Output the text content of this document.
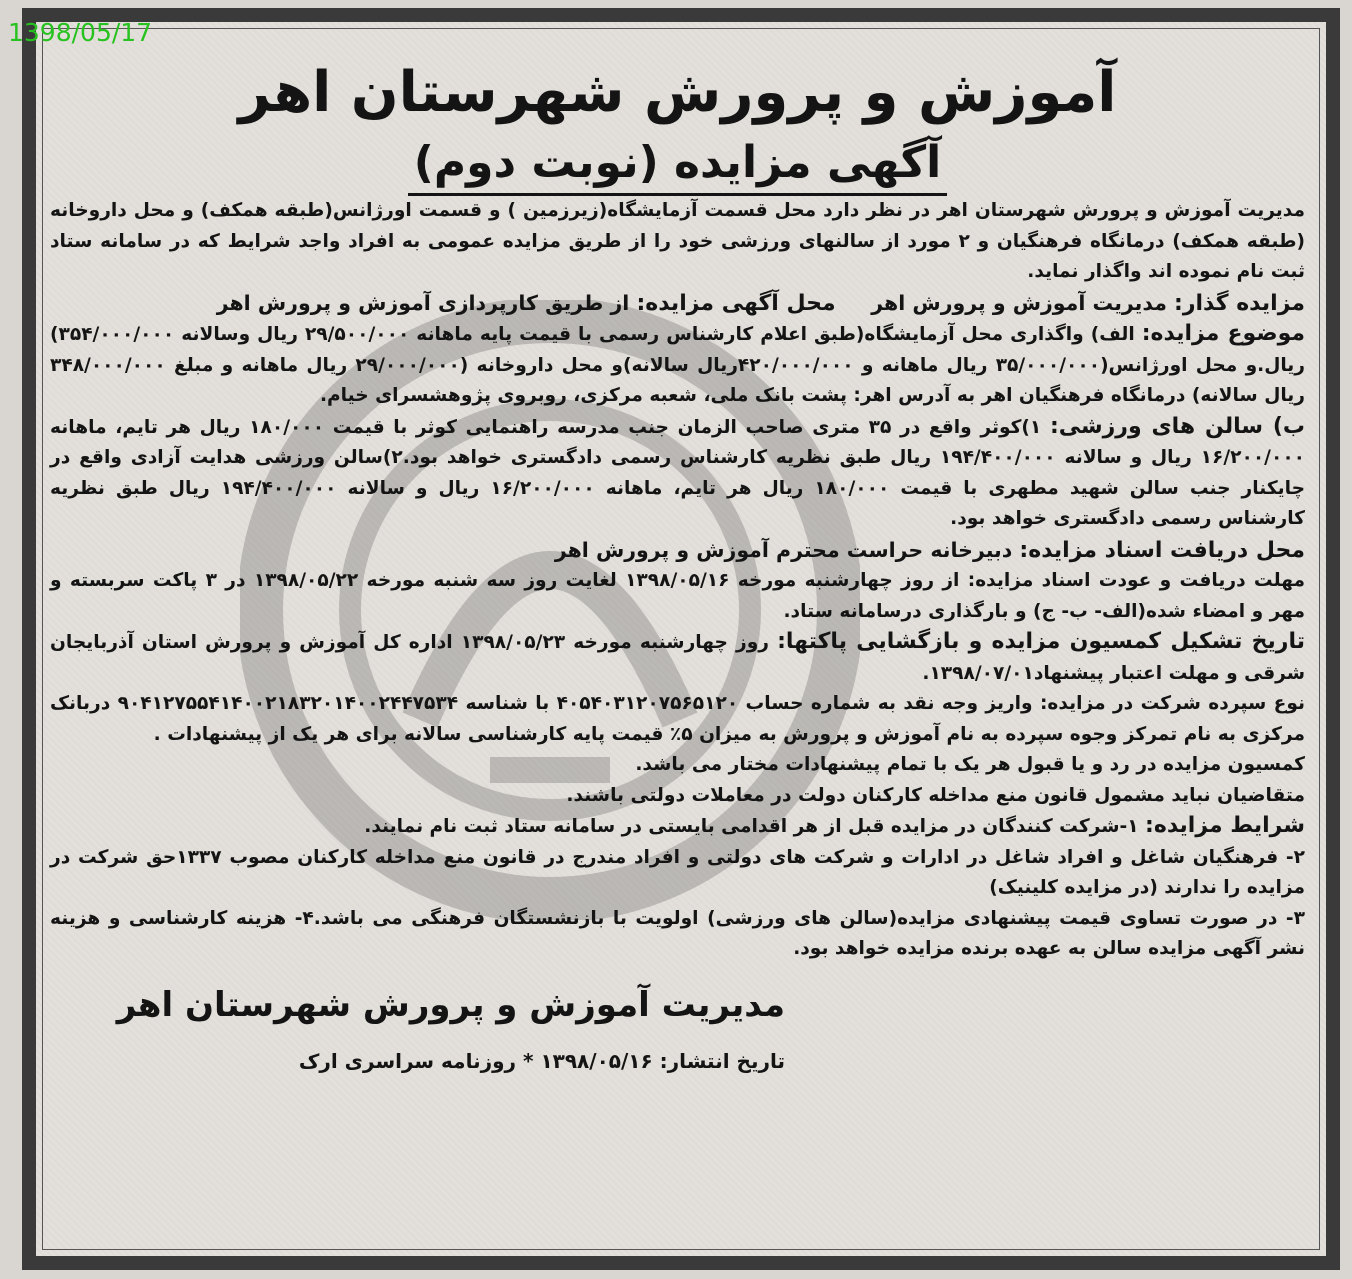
1398/05/17
آموزش و پرورش شهرستان اهر
آگهی مزایده (نوبت دوم)

مدیریت آموزش و پرورش شهرستان اهر در نظر دارد محل قسمت آزمایشگاه(زیرزمین ) و قسمت اورژانس(طبقه همکف) و محل داروخانه (طبقه همکف) درمانگاه فرهنگیان و ۲ مورد از سالنهای ورزشی خود را از طریق مزایده عمومی به افراد واجد شرایط که در سامانه ستاد ثبت نام نموده اند واگذار نماید.

مزایده گذار: مدیریت آموزش و پرورش اهر     محل آگهی مزایده: از طریق کارپردازی آموزش و پرورش اهر

موضوع مزایده: الف) واگذاری محل آزمایشگاه(طبق اعلام کارشناس رسمی با قیمت پایه ماهانه ۲۹/۵۰۰/۰۰۰ ریال وسالانه ۳۵۴/۰۰۰/۰۰۰) ریال.و محل اورژانس(۳۵/۰۰۰/۰۰۰ ریال ماهانه و ۴۲۰/۰۰۰/۰۰۰ریال سالانه)و محل داروخانه (۲۹/۰۰۰/۰۰۰ ریال ماهانه و مبلغ ۳۴۸/۰۰۰/۰۰۰ ریال سالانه) درمانگاه فرهنگیان اهر به آدرس اهر: پشت بانک ملی، شعبه مرکزی، روبروی پژوهشسرای خیام.

ب) سالن های ورزشی: ۱)کوثر واقع در ۳۵ متری صاحب الزمان جنب مدرسه راهنمایی کوثر با قیمت ۱۸۰/۰۰۰ ریال هر تایم، ماهانه ۱۶/۲۰۰/۰۰۰ ریال و سالانه ۱۹۴/۴۰۰/۰۰۰ ریال طبق نظریه کارشناس رسمی دادگستری خواهد بود.۲)سالن ورزشی هدایت آزادی واقع در چایکنار جنب سالن شهید مطهری با قیمت ۱۸۰/۰۰۰ ریال هر تایم، ماهانه ۱۶/۲۰۰/۰۰۰ ریال و سالانه ۱۹۴/۴۰۰/۰۰۰ ریال طبق نظریه کارشناس رسمی دادگستری خواهد بود.

محل دریافت اسناد مزایده: دبیرخانه حراست محترم آموزش و پرورش اهر

مهلت دریافت و عودت اسناد مزایده: از روز چهارشنبه مورخه ۱۳۹۸/۰۵/۱۶ لغایت روز سه شنبه مورخه ۱۳۹۸/۰۵/۲۲ در ۳ پاکت سربسته و مهر و امضاء شده(الف- ب- ج) و بارگذاری درسامانه ستاد.

تاریخ تشکیل کمسیون مزایده و بازگشایی پاکتها: روز چهارشنبه مورخه ۱۳۹۸/۰۵/۲۳ اداره کل آموزش و پرورش استان آذربایجان شرقی و مهلت اعتبار پیشنهاد۱۳۹۸/۰۷/۰۱.

نوع سپرده شرکت در مزایده: واریز وجه نقد به شماره حساب ۴۰۵۴۰۳۱۲۰۷۵۶۵۱۲۰ با شناسه ۹۰۴۱۲۷۵۵۴۱۴۰۰۲۱۸۳۲۰۱۴۰۰۲۴۴۷۵۳۴ دربانک مرکزی به نام تمرکز وجوه سپرده به نام آموزش و پرورش به میزان ۵٪ قیمت پایه کارشناسی سالانه برای هر یک از پیشنهادات .

کمسیون مزایده در رد و یا قبول هر یک با تمام پیشنهادات مختار می باشد.

متقاضیان نباید مشمول قانون منع مداخله کارکنان دولت در معاملات دولتی باشند.

شرایط مزایده: ۱-شرکت کنندگان در مزایده قبل از هر اقدامی بایستی در سامانه ستاد ثبت نام نمایند.

۲- فرهنگیان شاغل و افراد شاغل در ادارات و شرکت های دولتی و افراد مندرج در قانون منع مداخله کارکنان مصوب ۱۳۳۷حق شرکت در مزایده را ندارند (در مزایده کلینیک)

۳- در صورت تساوی قیمت پیشنهادی مزایده(سالن های ورزشی) اولویت با بازنشستگان فرهنگی می باشد.۴- هزینه کارشناسی و هزینه نشر آگهی مزایده سالن به عهده برنده مزایده خواهد بود.

مدیریت آموزش و پرورش شهرستان اهر

تاریخ انتشار: ۱۳۹۸/۰۵/۱۶ * روزنامه سراسری ارک
